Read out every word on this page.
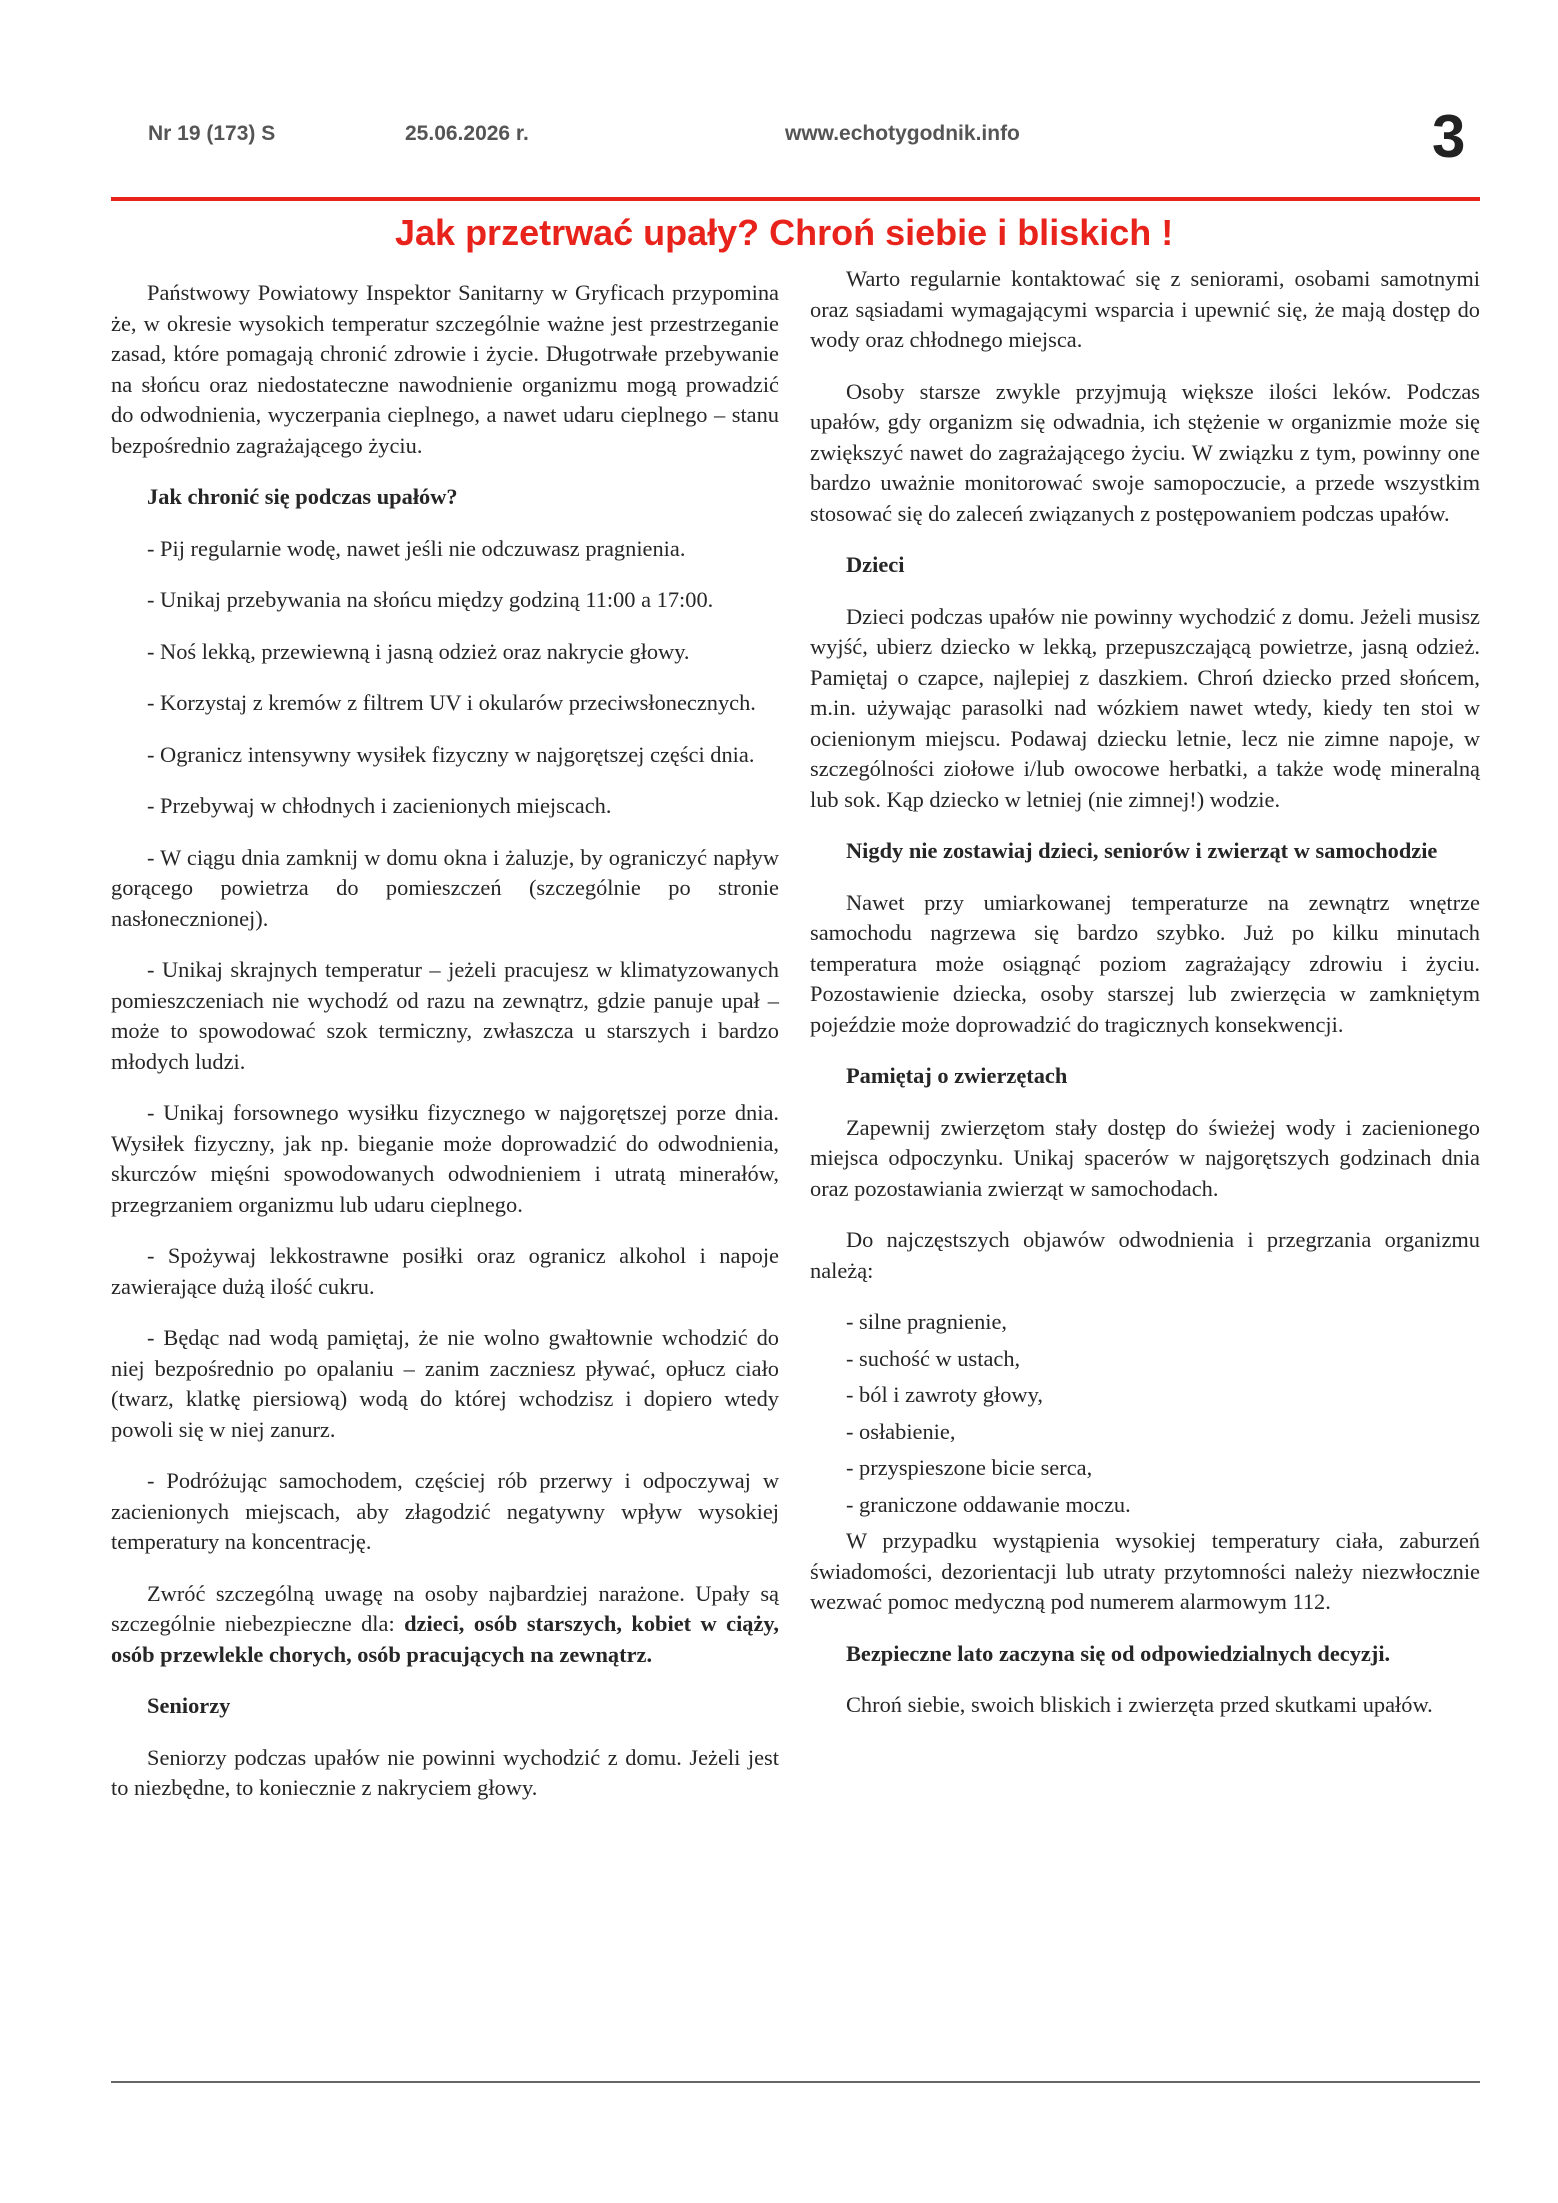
Nr 19 (173) S	25.06.2026 r.	www.echotygodnik.info	3
Jak przetrwać upały? Chroń siebie i bliskich !

Państwowy Powiatowy Inspektor Sanitarny w Gryficach przypomina że, w okresie wysokich temperatur szczególnie ważne jest przestrzeganie zasad, które pomagają chronić zdrowie i życie. Długotrwałe przebywanie na słońcu oraz niedostateczne nawodnienie organizmu mogą prowadzić do odwodnienia, wyczerpania cieplnego, a nawet udaru cieplnego – stanu bezpośrednio zagrażającego życiu.

Jak chronić się podczas upałów?

- Pij regularnie wodę, nawet jeśli nie odczuwasz pragnienia.

- Unikaj przebywania na słońcu między godziną 11:00 a 17:00.

- Noś lekką, przewiewną i jasną odzież oraz nakrycie głowy.

- Korzystaj z kremów z filtrem UV i okularów przeciwsłonecznych.

- Ogranicz intensywny wysiłek fizyczny w najgorętszej części dnia.

- Przebywaj w chłodnych i zacienionych miejscach.

- W ciągu dnia zamknij w domu okna i żaluzje, by ograniczyć napływ gorącego powietrza do pomieszczeń (szczególnie po stronie nasłonecznionej).

- Unikaj skrajnych temperatur – jeżeli pracujesz w klimatyzowanych pomieszczeniach nie wychodź od razu na zewnątrz, gdzie panuje upał – może to spowodować szok termiczny, zwłaszcza u starszych i bardzo młodych ludzi.

- Unikaj forsownego wysiłku fizycznego w najgorętszej porze dnia. Wysiłek fizyczny, jak np. bieganie może doprowadzić do odwodnienia, skurczów mięśni spowodowanych odwodnieniem i utratą minerałów, przegrzaniem organizmu lub udaru cieplnego.

- Spożywaj lekkostrawne posiłki oraz ogranicz alkohol i napoje zawierające dużą ilość cukru.

- Będąc nad wodą pamiętaj, że nie wolno gwałtownie wchodzić do niej bezpośrednio po opalaniu – zanim zaczniesz pływać, opłucz ciało (twarz, klatkę piersiową) wodą do której wchodzisz i dopiero wtedy powoli się w niej zanurz.

- Podróżując samochodem, częściej rób przerwy i odpoczywaj w zacienionych miejscach, aby złagodzić negatywny wpływ wysokiej temperatury na koncentrację.

Zwróć szczególną uwagę na osoby najbardziej narażone. Upały są szczególnie niebezpieczne dla: dzieci, osób starszych, kobiet w ciąży, osób przewlekle chorych, osób pracujących na zewnątrz.

Seniorzy

Seniorzy podczas upałów nie powinni wychodzić z domu. Jeżeli jest to niezbędne, to koniecznie z nakryciem głowy.

Warto regularnie kontaktować się z seniorami, osobami samotnymi oraz sąsiadami wymagającymi wsparcia i upewnić się, że mają dostęp do wody oraz chłodnego miejsca.

Osoby starsze zwykle przyjmują większe ilości leków. Podczas upałów, gdy organizm się odwadnia, ich stężenie w organizmie może się zwiększyć nawet do zagrażającego życiu. W związku z tym, powinny one bardzo uważnie monitorować swoje samopoczucie, a przede wszystkim stosować się do zaleceń związanych z postępowaniem podczas upałów.

Dzieci

Dzieci podczas upałów nie powinny wychodzić z domu. Jeżeli musisz wyjść, ubierz dziecko w lekką, przepuszczającą powietrze, jasną odzież. Pamiętaj o czapce, najlepiej z daszkiem. Chroń dziecko przed słońcem, m.in. używając parasolki nad wózkiem nawet wtedy, kiedy ten stoi w ocienionym miejscu. Podawaj dziecku letnie, lecz nie zimne napoje, w szczególności ziołowe i/lub owocowe herbatki, a także wodę mineralną lub sok. Kąp dziecko w letniej (nie zimnej!) wodzie.

Nigdy nie zostawiaj dzieci, seniorów i zwierząt w samochodzie

Nawet przy umiarkowanej temperaturze na zewnątrz wnętrze samochodu nagrzewa się bardzo szybko. Już po kilku minutach temperatura może osiągnąć poziom zagrażający zdrowiu i życiu. Pozostawienie dziecka, osoby starszej lub zwierzęcia w zamkniętym pojeździe może doprowadzić do tragicznych konsekwencji.

Pamiętaj o zwierzętach

Zapewnij zwierzętom stały dostęp do świeżej wody i zacienionego miejsca odpoczynku. Unikaj spacerów w najgorętszych godzinach dnia oraz pozostawiania zwierząt w samochodach.

Do najczęstszych objawów odwodnienia i przegrzania organizmu należą:

- silne pragnienie,
- suchość w ustach,
- ból i zawroty głowy,
- osłabienie,
- przyspieszone bicie serca,
- graniczone oddawanie moczu.

W przypadku wystąpienia wysokiej temperatury ciała, zaburzeń świadomości, dezorientacji lub utraty przytomności należy niezwłocznie wezwać pomoc medyczną pod numerem alarmowym 112.

Bezpieczne lato zaczyna się od odpowiedzialnych decyzji.

Chroń siebie, swoich bliskich i zwierzęta przed skutkami upałów.
